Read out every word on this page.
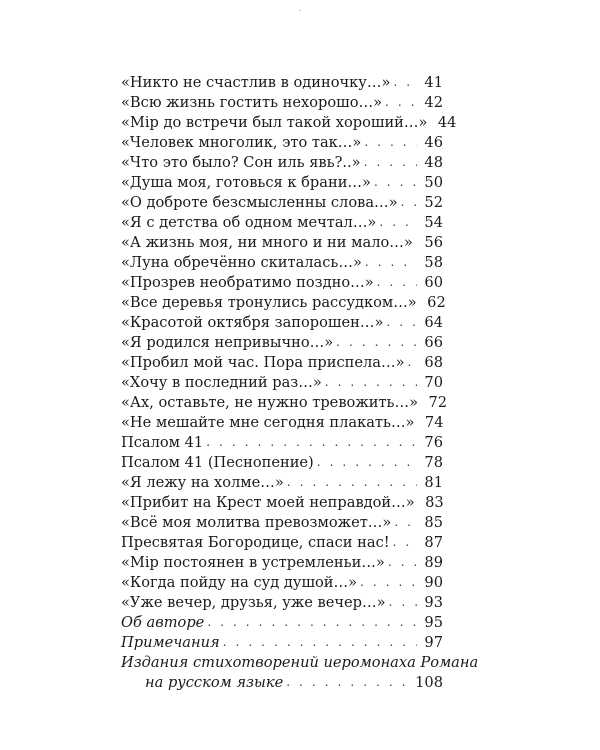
«Никто не счастлив в одиночку…» . . .	41
«Всю жизнь гостить нехорошо…» . . .	42
«Мiр до встречи был такой хороший…» 44
«Человек многолик, это так…» . . .	46
«Что это было? Сон иль явь?..» . . .	48
«Душа моя, готовься к брани…» . . .	50
«О доброте безсмысленны слова…» . . .	52
«Я с детства об одном мечтал…» . . .	54
«А жизнь моя, ни много и ни мало…» . . . 56
«Луна обречённо скиталась…» . . .	58
«Прозрев необратимо поздно…» . . .	60
«Все деревья тронулись рассудком…» 62
«Красотой октября запорошен…» . . .	64
«Я родился непривычно…» . . .	66
«Пробил мой час. Пора приспела…» . . .	68
«Хочу в последний раз…» . . .	70
«Ах, оставьте, не нужно тревожить…» 72
«Не мешайте мне сегодня плакать…» 74
Псалом 41 . . .	76
Псалом 41 (Песнопение) . . .	78
«Я лежу на холме…» . . .	81
«Прибит на Крест моей неправдой…» 83
«Всё моя молитва превозможет…» . . .	85
Пресвятая Богородице, спаси нас! . . .	87
«Мiр постоянен в устремленьи…» . . .	89
«Когда пойду на суд душой…» . . .	90
«Уже вечер, друзья, уже вечер…» . . .	93
Об авторе . . .	95
Примечания . . .	97
Издания стихотворений иеромонаха Романа
на русском языке . . .	108
